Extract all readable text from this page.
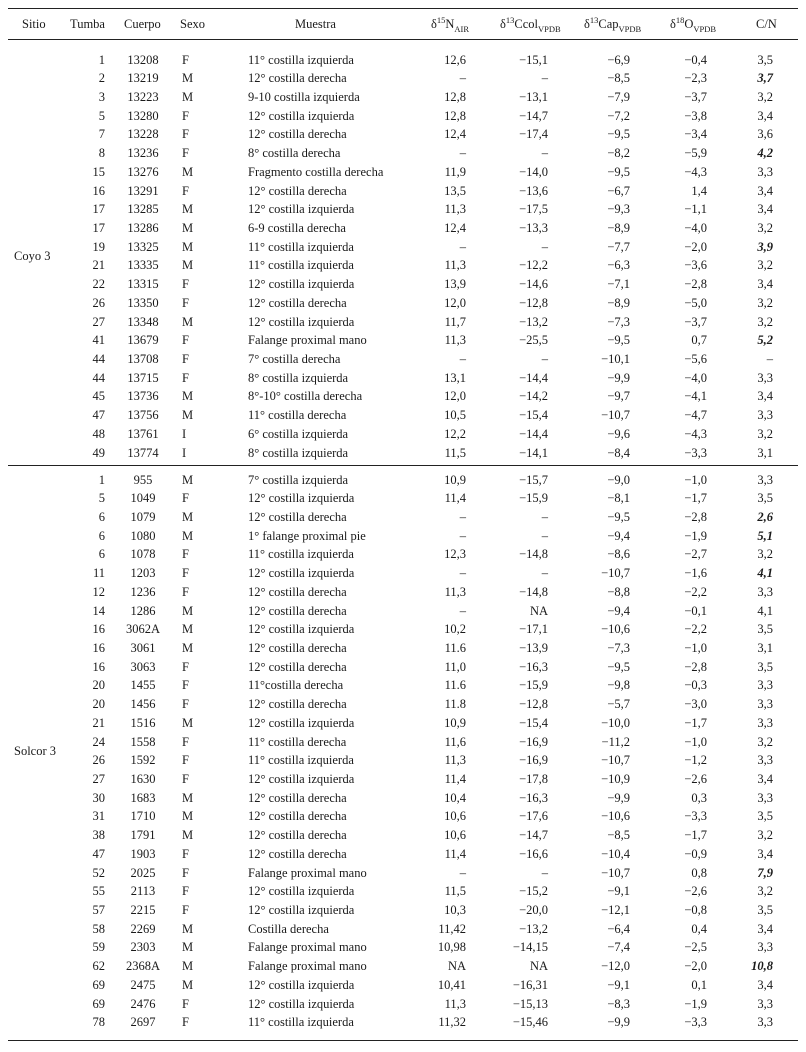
Sitio Tumba Cuerpo Sexo	Muestra	$\delta^{15}N_{AIR}$ $\delta^{13}Ccol_{VPDB}$ $\delta^{13}Cap_{VPDB}$ $\delta^{18}O_{VPDB}$	C/N
Coyo 3
1	13208	F	11° costilla izquierda	12,6	−15,1	−6,9	−0,4	3,5
2	13219	M	12° costilla derecha	–	–	−8,5	−2,3	3,7
3	13223	M	9-10 costilla izquierda	12,8	−13,1	−7,9	−3,7	3,2
5	13280	F	12° costilla izquierda	12,8	−14,7	−7,2	−3,8	3,4
7	13228	F	12° costilla derecha	12,4	−17,4	−9,5	−3,4	3,6
8	13236	F	8° costilla derecha	–	–	−8,2	−5,9	4,2
15	13276	M	Fragmento costilla derecha	11,9	−14,0	−9,5	−4,3	3,3
16	13291	F	12° costilla derecha	13,5	−13,6	−6,7	1,4	3,4
17	13285	M	12° costilla izquierda	11,3	−17,5	−9,3	−1,1	3,4
17	13286	M	6-9 costilla derecha	12,4	−13,3	−8,9	−4,0	3,2
19	13325	M	11° costilla izquierda	–	–	−7,7	−2,0	3,9
21	13335	M	11° costilla izquierda	11,3	−12,2	−6,3	−3,6	3,2
22	13315	F	12° costilla izquierda	13,9	−14,6	−7,1	−2,8	3,4
26	13350	F	12° costilla derecha	12,0	−12,8	−8,9	−5,0	3,2
27	13348	M	12° costilla izquierda	11,7	−13,2	−7,3	−3,7	3,2
41	13679	F	Falange proximal mano	11,3	−25,5	−9,5	0,7	5,2
44	13708	F	7° costilla derecha	–	–	−10,1	−5,6	–
44	13715	F	8° costilla izquierda	13,1	−14,4	−9,9	−4,0	3,3
45	13736	M	8°-10° costilla derecha	12,0	−14,2	−9,7	−4,1	3,4
47	13756	M	11° costilla derecha	10,5	−15,4	−10,7	−4,7	3,3
48	13761	I	6° costilla izquierda	12,2	−14,4	−9,6	−4,3	3,2
49	13774	I	8° costilla izquierda	11,5	−14,1	−8,4	−3,3	3,1
Solcor 3
1	955	M	7° costilla izquierda	10,9	−15,7	−9,0	−1,0	3,3
5	1049	F	12° costilla izquierda	11,4	−15,9	−8,1	−1,7	3,5
6	1079	M	12° costilla derecha	–	–	−9,5	−2,8	2,6
6	1080	M	1° falange proximal pie	–	–	−9,4	−1,9	5,1
6	1078	F	11° costilla izquierda	12,3	−14,8	−8,6	−2,7	3,2
11	1203	F	12° costilla izquierda	–	–	−10,7	−1,6	4,1
12	1236	F	12° costilla derecha	11,3	−14,8	−8,8	−2,2	3,3
14	1286	M	12° costilla derecha	–	NA	−9,4	−0,1	4,1
16	3062A	M	12° costilla izquierda	10,2	−17,1	−10,6	−2,2	3,5
16	3061	M	12° costilla derecha	11.6	−13,9	−7,3	−1,0	3,1
16	3063	F	12° costilla derecha	11,0	−16,3	−9,5	−2,8	3,5
20	1455	F	11°costilla derecha	11.6	−15,9	−9,8	−0,3	3,3
20	1456	F	12° costilla derecha	11.8	−12,8	−5,7	−3,0	3,3
21	1516	M	12° costilla izquierda	10,9	−15,4	−10,0	−1,7	3,3
24	1558	F	11° costilla derecha	11,6	−16,9	−11,2	−1,0	3,2
26	1592	F	11° costilla izquierda	11,3	−16,9	−10,7	−1,2	3,3
27	1630	F	12° costilla izquierda	11,4	−17,8	−10,9	−2,6	3,4
30	1683	M	12° costilla derecha	10,4	−16,3	−9,9	0,3	3,3
31	1710	M	12° costilla derecha	10,6	−17,6	−10,6	−3,3	3,5
38	1791	M	12° costilla derecha	10,6	−14,7	−8,5	−1,7	3,2
47	1903	F	12° costilla derecha	11,4	−16,6	−10,4	−0,9	3,4
52	2025	F	Falange proximal mano	–	–	−10,7	0,8	7,9
55	2113	F	12° costilla izquierda	11,5	−15,2	−9,1	−2,6	3,2
57	2215	F	12° costilla izquierda	10,3	−20,0	−12,1	−0,8	3,5
58	2269	M	Costilla derecha	11,42	−13,2	−6,4	0,4	3,4
59	2303	M	Falange proximal mano	10,98	−14,15	−7,4	−2,5	3,3
62	2368A	M	Falange proximal mano	NA	NA	−12,0	−2,0	10,8
69	2475	M	12° costilla izquierda	10,41	−16,31	−9,1	0,1	3,4
69	2476	F	12° costilla izquierda	11,3	−15,13	−8,3	−1,9	3,3
78	2697	F	11° costilla izquierda	11,32	−15,46	−9,9	−3,3	3,3
